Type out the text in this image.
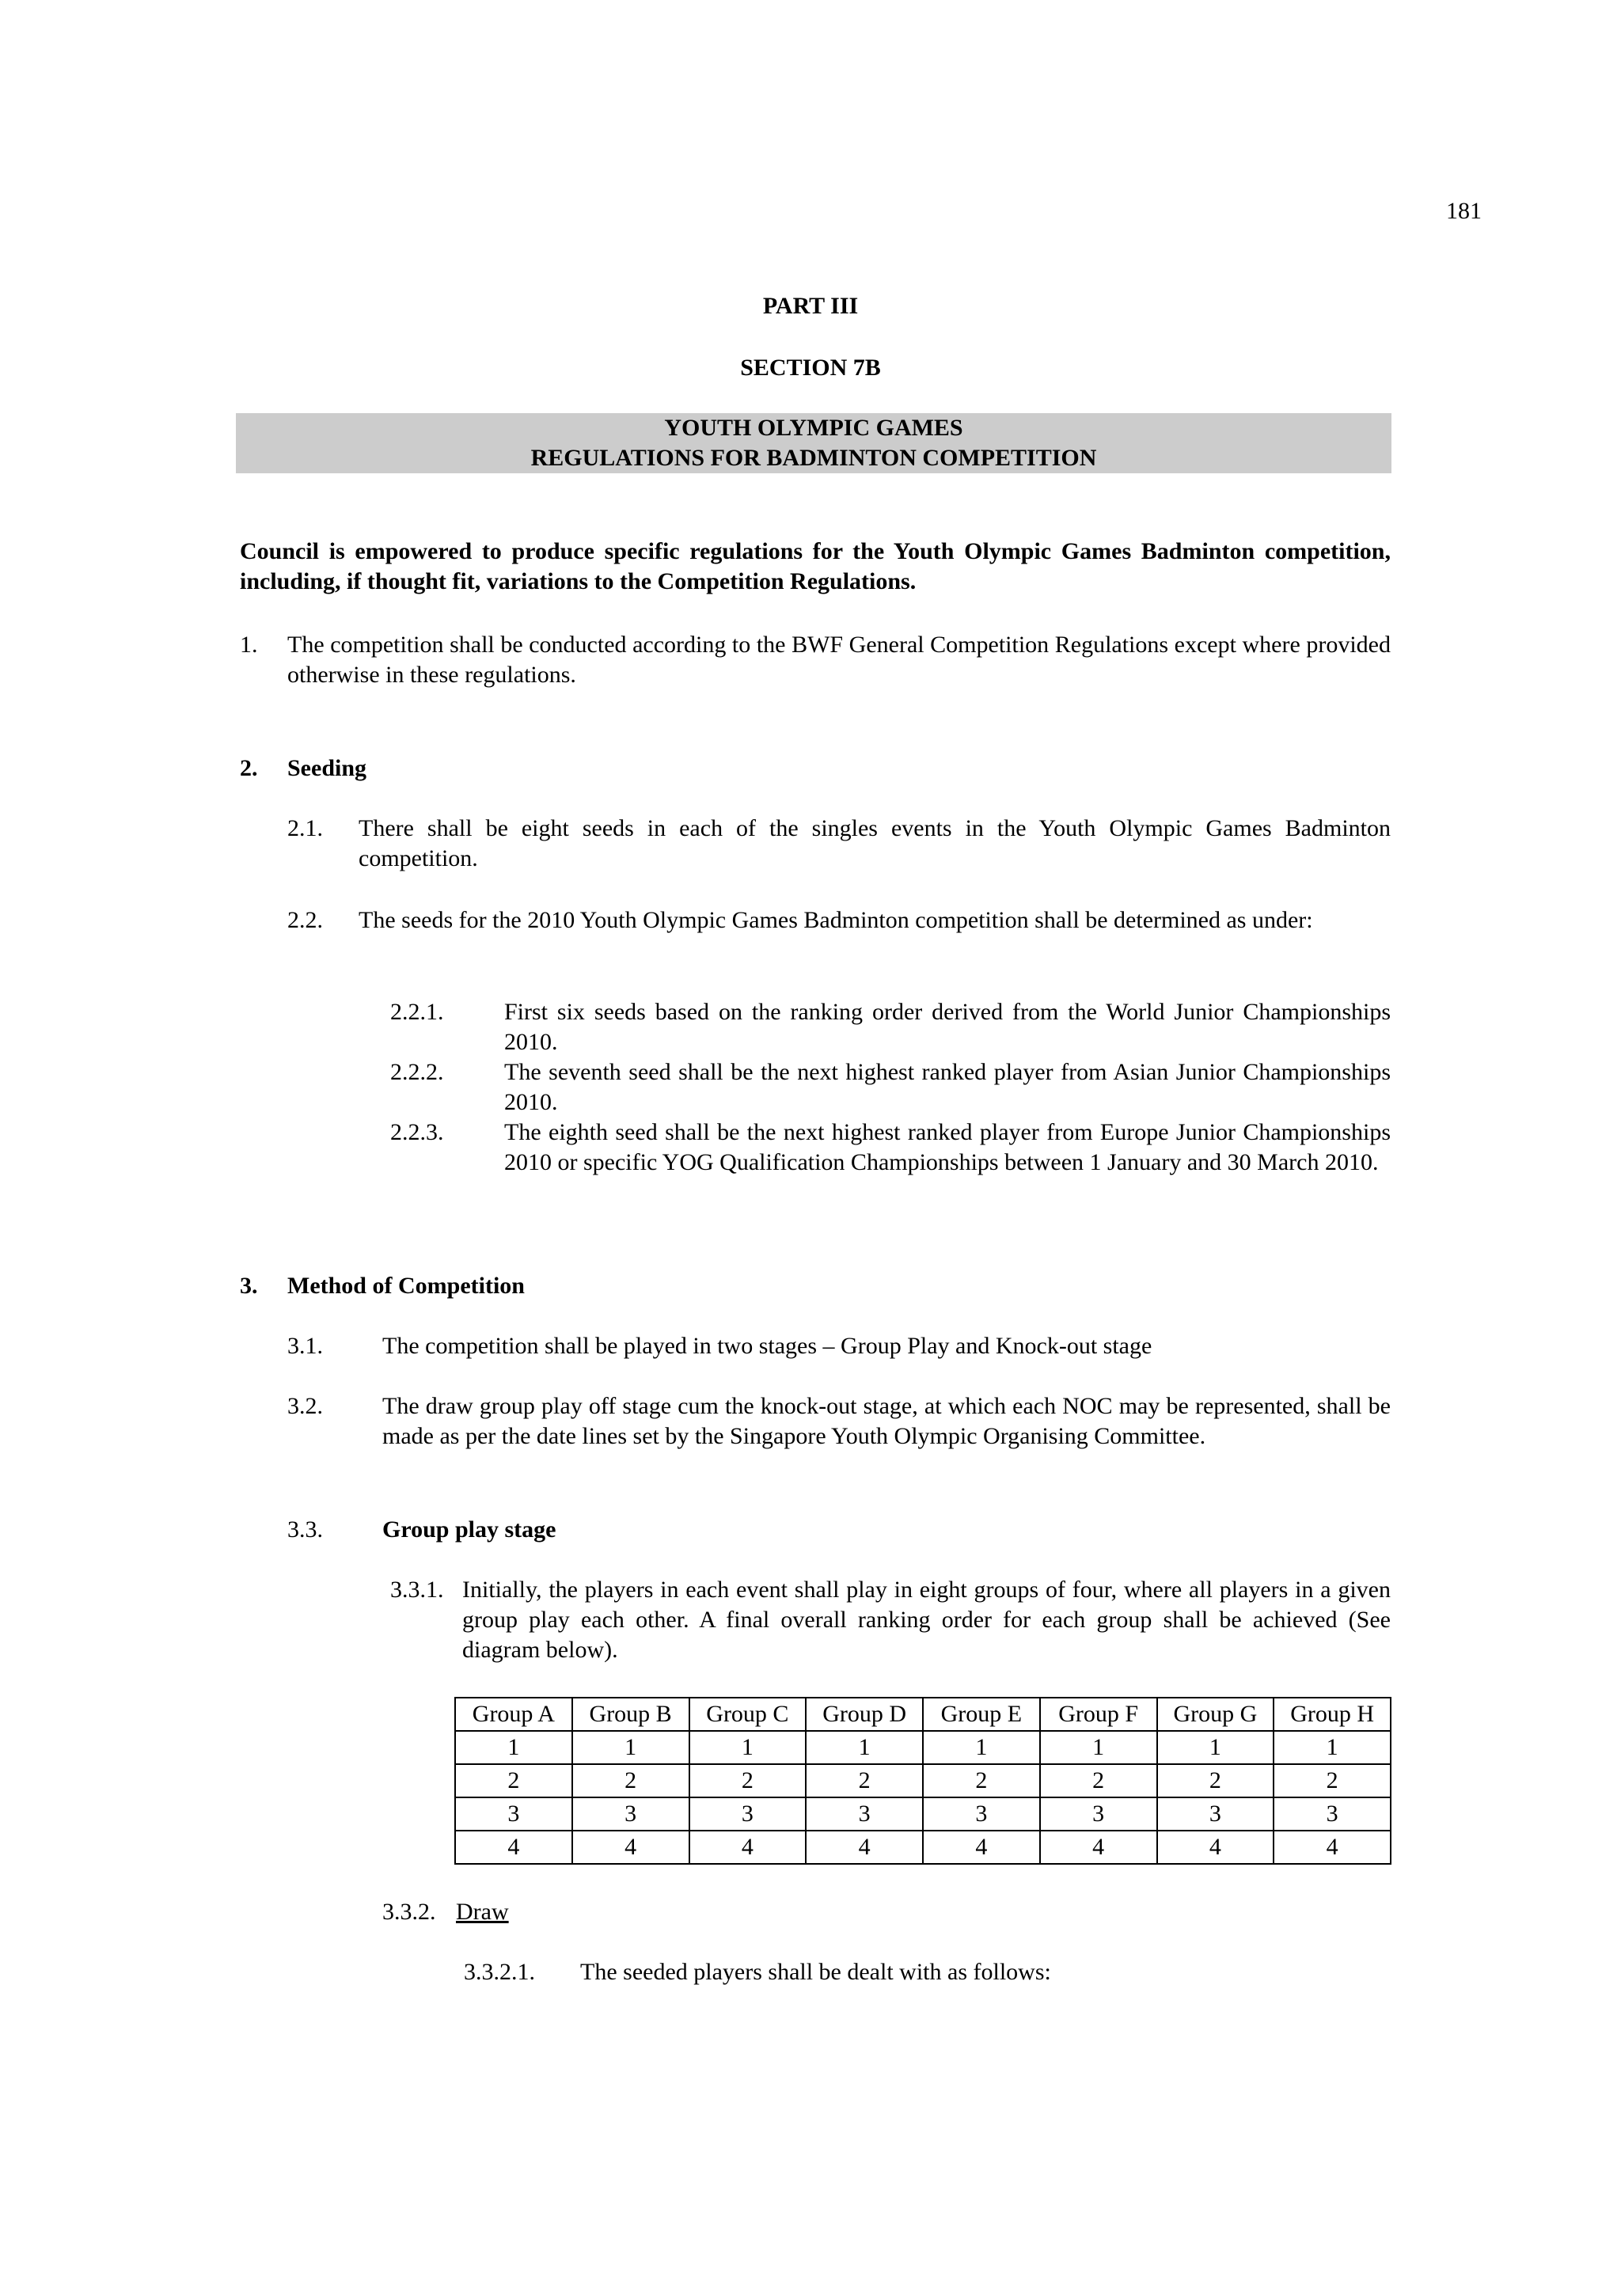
181
PART III
SECTION 7B
YOUTH OLYMPIC GAMES
REGULATIONS FOR BADMINTON COMPETITION
Council is empowered to produce specific regulations for the Youth Olympic Games Badminton competition, including, if thought fit, variations to the Competition Regulations.
1. The competition shall be conducted according to the BWF General Competition Regulations except where provided otherwise in these regulations.
2. Seeding
2.1. There shall be eight seeds in each of the singles events in the Youth Olympic Games Badminton competition.
2.2. The seeds for the 2010 Youth Olympic Games Badminton competition shall be determined as under:
2.2.1.	First six seeds based on the ranking order derived from the World Junior Championships 2010.
2.2.2.	The seventh seed shall be the next highest ranked player from Asian Junior Championships 2010.
2.2.3.	The eighth seed shall be the next highest ranked player from Europe Junior Championships 2010 or specific YOG Qualification Championships between 1 January and 30 March 2010.
3. Method of Competition
3.1.	The competition shall be played in two stages – Group Play and Knock-out stage
3.2.	The draw group play off stage cum the knock-out stage, at which each NOC may be represented, shall be made as per the date lines set by the Singapore Youth Olympic Organising Committee.
3.3.	Group play stage
3.3.1. Initially, the players in each event shall play in eight groups of four, where all players in a given group play each other. A final overall ranking order for each group shall be achieved (See diagram below).
Group A	Group B	Group C	Group D	Group E	Group F	Group G	Group H
1	1	1	1	1	1	1	1
2	2	2	2	2	2	2	2
3	3	3	3	3	3	3	3
4	4	4	4	4	4	4	4
3.3.2. Draw
3.3.2.1. The seeded players shall be dealt with as follows:
